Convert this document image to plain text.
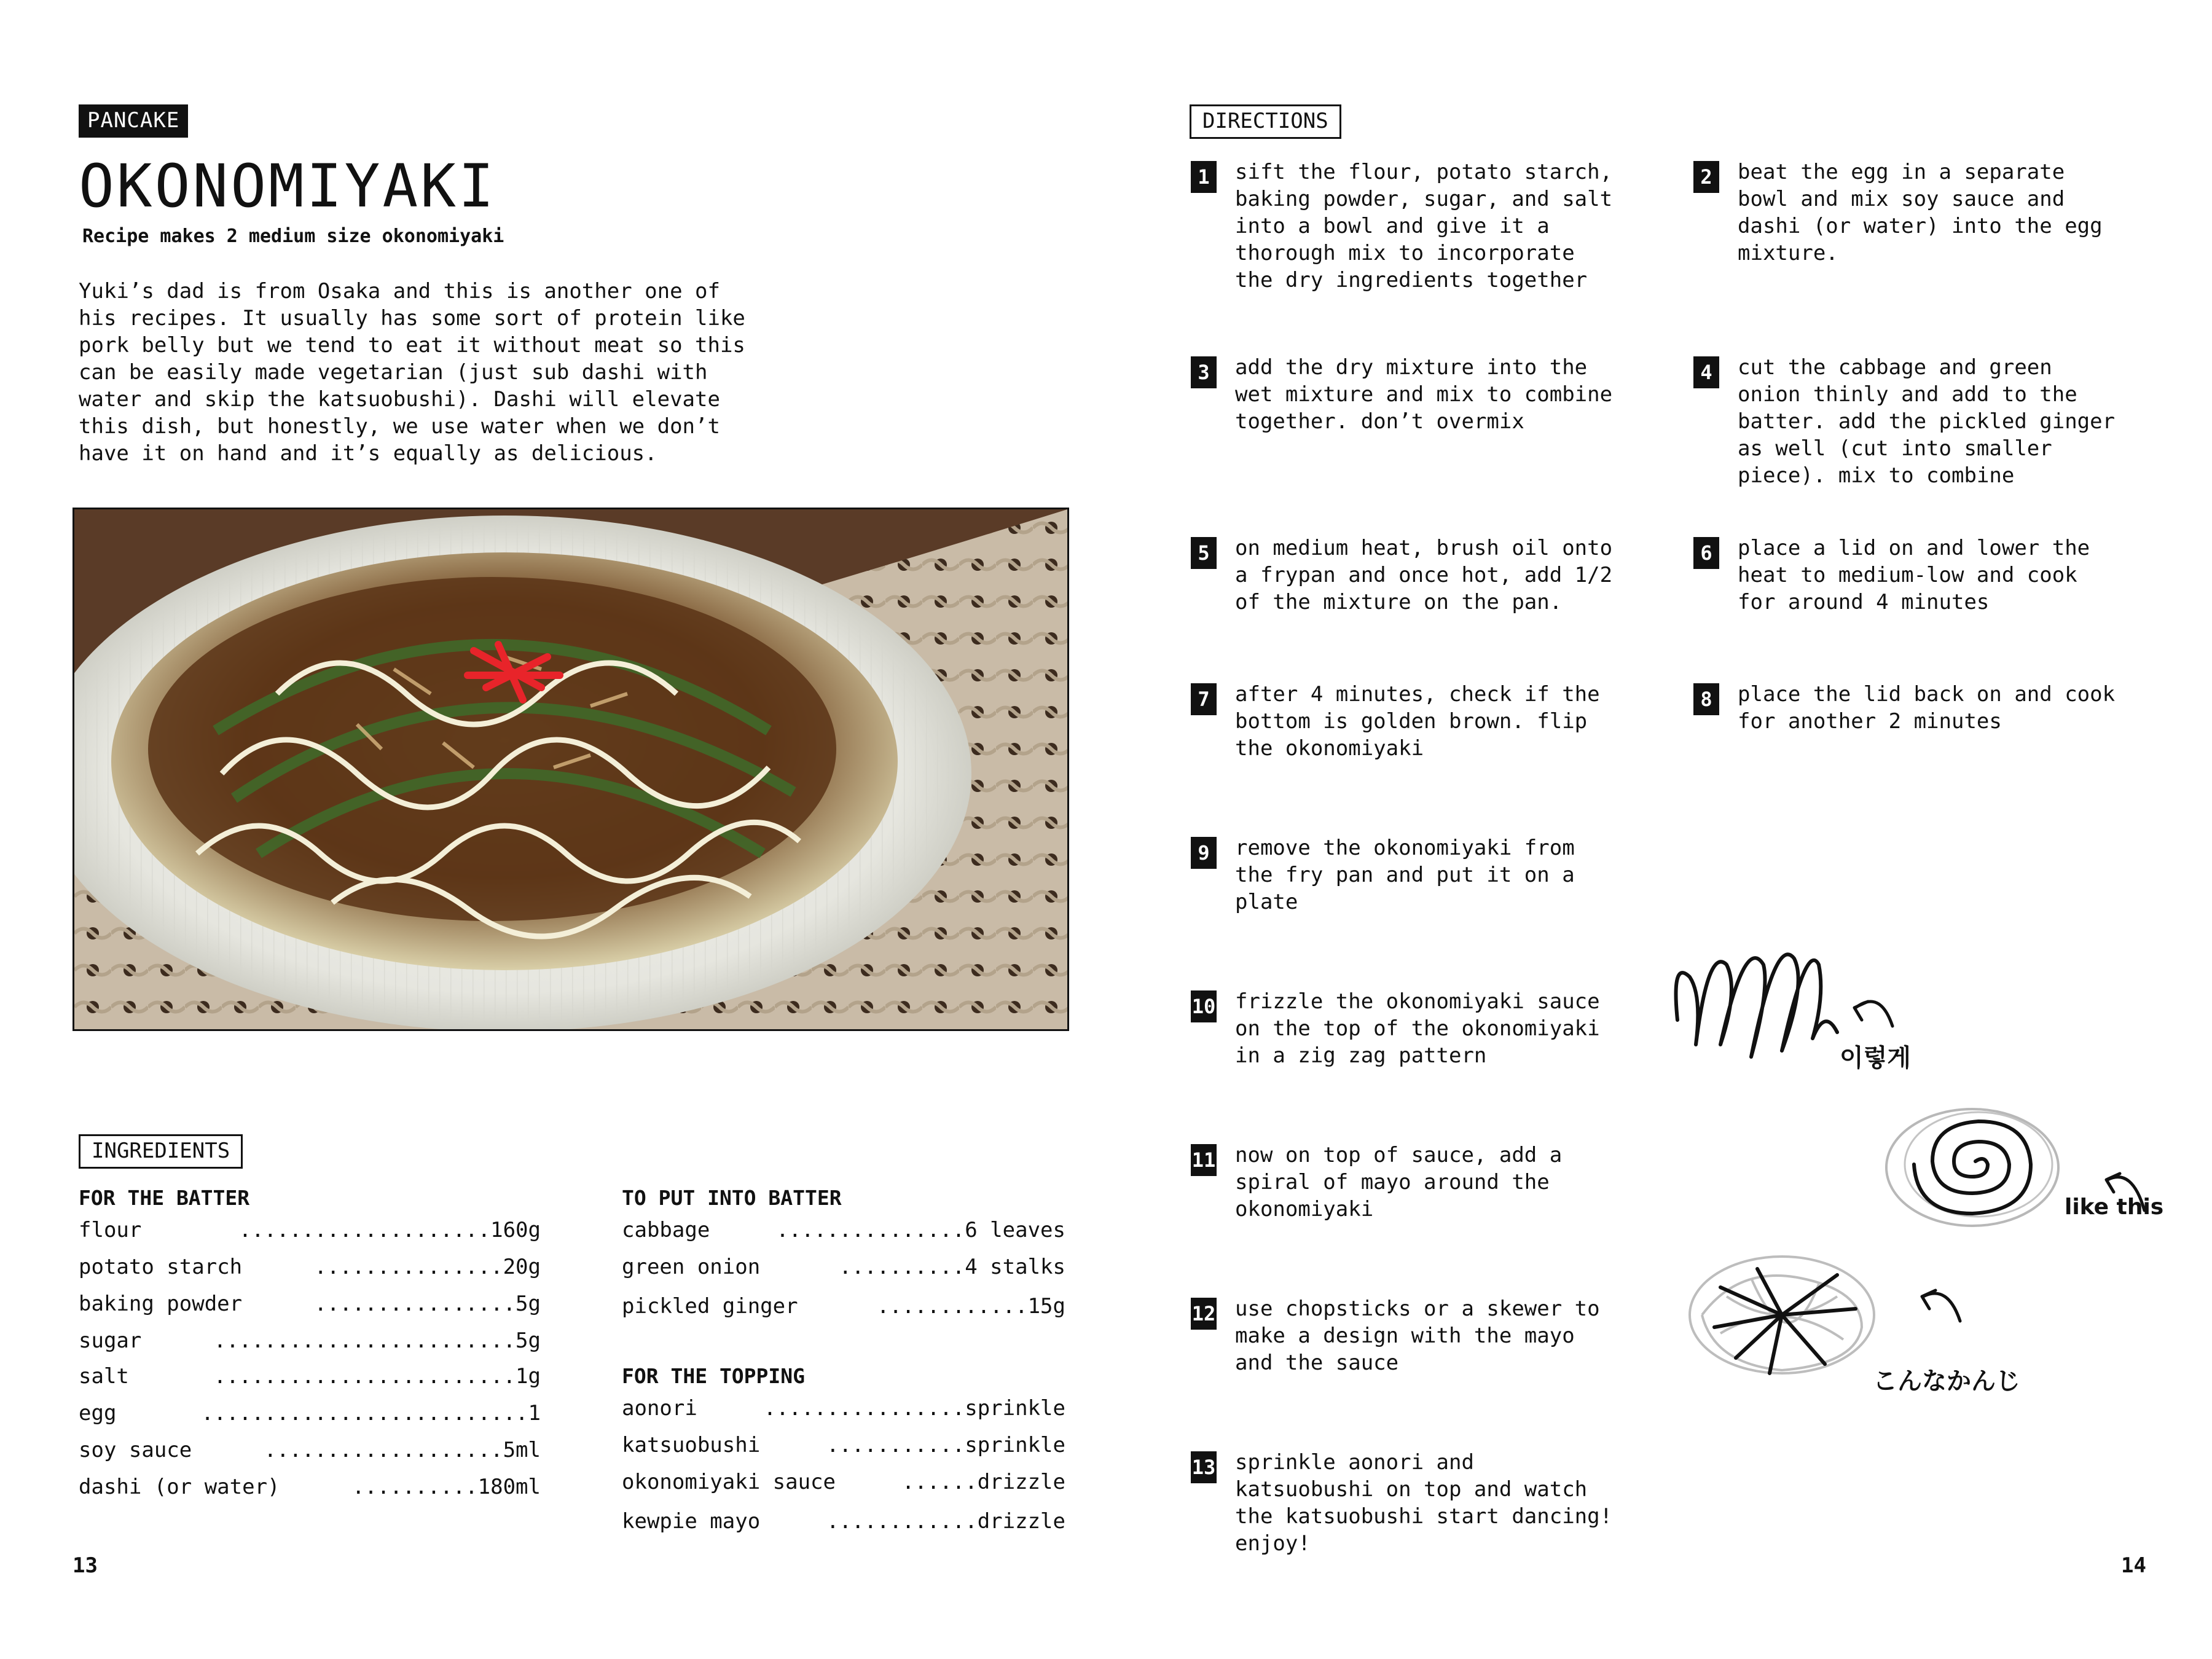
PANCAKE
OKONOMIYAKI
Recipe makes 2 medium size okonomiyaki
Yuki’s dad is from Osaka and this is another one of
his recipes. It usually has some sort of protein like
pork belly but we tend to eat it without meat so this
can be easily made vegetarian (just sub dashi with
water and skip the katsuobushi). Dashi will elevate
this dish, but honestly, we use water when we don’t
have it on hand and it’s equally as delicious.
INGREDIENTS
FOR THE BATTER
flour	....................160g
potato starch	...............20g
baking powder	................5g
sugar	........................5g
salt	........................1g
egg	..........................1
soy sauce	...................5ml
dashi (or water)	..........180ml
TO PUT INTO BATTER
cabbage	...............6 leaves
green onion	..........4 stalks
pickled ginger	............15g
FOR THE TOPPING
aonori	................sprinkle
katsuobushi	...........sprinkle
okonomiyaki sauce	......drizzle
kewpie mayo	............drizzle
13
DIRECTIONS
1	sift the flour, potato starch,
baking powder, sugar, and salt
into a bowl and give it a
thorough mix to incorporate
the dry ingredients together
2	beat the egg in a separate
bowl and mix soy sauce and
dashi (or water) into the egg
mixture.
3	add the dry mixture into the
wet mixture and mix to combine
together. don’t overmix
4	cut the cabbage and green
onion thinly and add to the
batter. add the pickled ginger
as well (cut into smaller
piece). mix to combine
5	on medium heat, brush oil onto
a frypan and once hot, add 1/2
of the mixture on the pan.
6	place a lid on and lower the
heat to medium-low and cook
for around 4 minutes
7	after 4 minutes, check if the
bottom is golden brown. flip
the okonomiyaki
8	place the lid back on and cook
for another 2 minutes
9	remove the okonomiyaki from
the fry pan and put it on a
plate
10 frizzle the okonomiyaki sauce
on the top of the okonomiyaki
in a zig zag pattern
11 now on top of sauce, add a
spiral of mayo around the
okonomiyaki
12 use chopsticks or a skewer to
make a design with the mayo
and the sauce
13 sprinkle aonori and
katsuobushi on top and watch
the katsuobushi start dancing!
enjoy!
이렇게
like this
こんなかんじ
14
